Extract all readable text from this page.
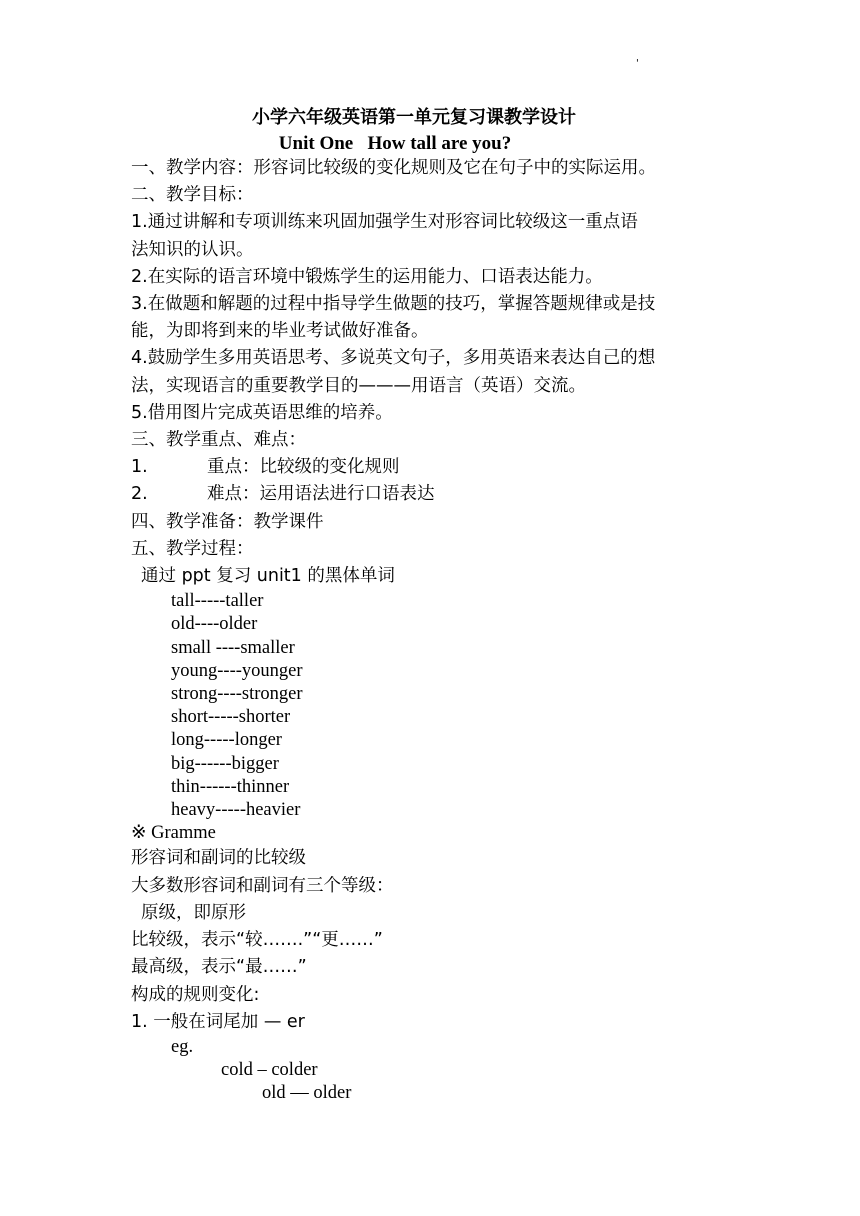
'
小学六年级英语第一单元复习课教学设计
Unit One   How tall are you?
一、教学内容：形容词比较级的变化规则及它在句子中的实际运用。
二、教学目标：
1.通过讲解和专项训练来巩固加强学生对形容词比较级这一重点语
法知识的认识。
2.在实际的语言环境中锻炼学生的运用能力、口语表达能力。
3.在做题和解题的过程中指导学生做题的技巧，掌握答题规律或是技
能，为即将到来的毕业考试做好准备。
4.鼓励学生多用英语思考、多说英文句子，多用英语来表达自己的想
法，实现语言的重要教学目的———用语言（英语）交流。
5.借用图片完成英语思维的培养。
三、教学重点、难点：
1.	重点：比较级的变化规则
2.	难点：运用语法进行口语表达
四、教学准备：教学课件
五、教学过程：
通过 ppt 复习 unit1 的黑体单词
tall-----taller
old----older
small ----smaller
young----younger
strong----stronger
short-----shorter
long-----longer
big------bigger
thin------thinner
heavy-----heavier
※ Gramme
形容词和副词的比较级
大多数形容词和副词有三个等级：
原级，即原形
比较级，表示“较…….”“更……”
最高级，表示“最……”
构成的规则变化:
1. 一般在词尾加 — er
eg.
cold – colder
old — older
